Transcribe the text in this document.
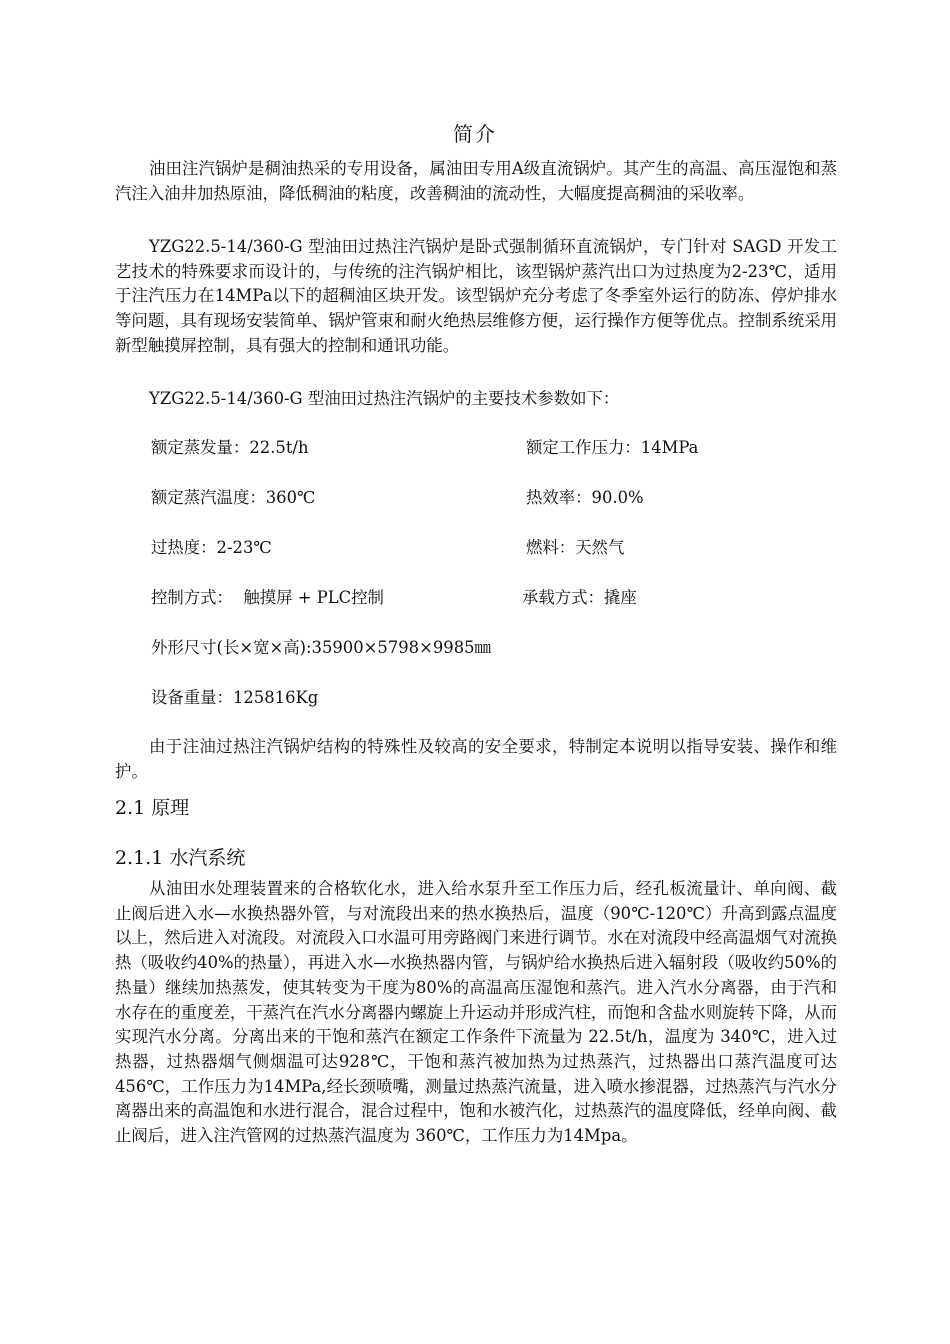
简介

油田注汽锅炉是稠油热采的专用设备，属油田专用A级直流锅炉。其产生的高温、高压湿饱和蒸汽注入油井加热原油，降低稠油的粘度，改善稠油的流动性，大幅度提高稠油的采收率。

YZG22.5-14/360-G 型油田过热注汽锅炉是卧式强制循环直流锅炉，专门针对 SAGD 开发工艺技术的特殊要求而设计的，与传统的注汽锅炉相比，该型锅炉蒸汽出口为过热度为2-23℃，适用于注汽压力在14MPa以下的超稠油区块开发。该型锅炉充分考虑了冬季室外运行的防冻、停炉排水等问题，具有现场安装简单、锅炉管束和耐火绝热层维修方便，运行操作方便等优点。控制系统采用新型触摸屏控制，具有强大的控制和通讯功能。

YZG22.5-14/360-G 型油田过热注汽锅炉的主要技术参数如下：

额定蒸发量：22.5t/h	额定工作压力：14MPa
额定蒸汽温度：360℃	热效率：90.0%
过热度：2-23℃	燃料：天然气
控制方式：  触摸屏 + PLC控制	承载方式：撬座
外形尺寸(长×宽×高):35900×5798×9985㎜
设备重量：125816Kg

由于注油过热注汽锅炉结构的特殊性及较高的安全要求，特制定本说明以指导安装、操作和维护。

2.1 原理
2.1.1 水汽系统

从油田水处理装置来的合格软化水，进入给水泵升至工作压力后，经孔板流量计、单向阀、截止阀后进入水—水换热器外管，与对流段出来的热水换热后，温度（90℃-120℃）升高到露点温度以上，然后进入对流段。对流段入口水温可用旁路阀门来进行调节。水在对流段中经高温烟气对流换热（吸收约40%的热量），再进入水—水换热器内管，与锅炉给水换热后进入辐射段（吸收约50%的热量）继续加热蒸发，使其转变为干度为80%的高温高压湿饱和蒸汽。进入汽水分离器，由于汽和水存在的重度差，干蒸汽在汽水分离器内螺旋上升运动并形成汽柱，而饱和含盐水则旋转下降，从而实现汽水分离。分离出来的干饱和蒸汽在额定工作条件下流量为 22.5t/h，温度为 340℃，进入过热器，过热器烟气侧烟温可达928℃，干饱和蒸汽被加热为过热蒸汽，过热器出口蒸汽温度可达456℃，工作压力为14MPa,经长颈喷嘴，测量过热蒸汽流量，进入喷水掺混器，过热蒸汽与汽水分离器出来的高温饱和水进行混合，混合过程中，饱和水被汽化，过热蒸汽的温度降低，经单向阀、截止阀后，进入注汽管网的过热蒸汽温度为 360℃，工作压力为14Mpa。
